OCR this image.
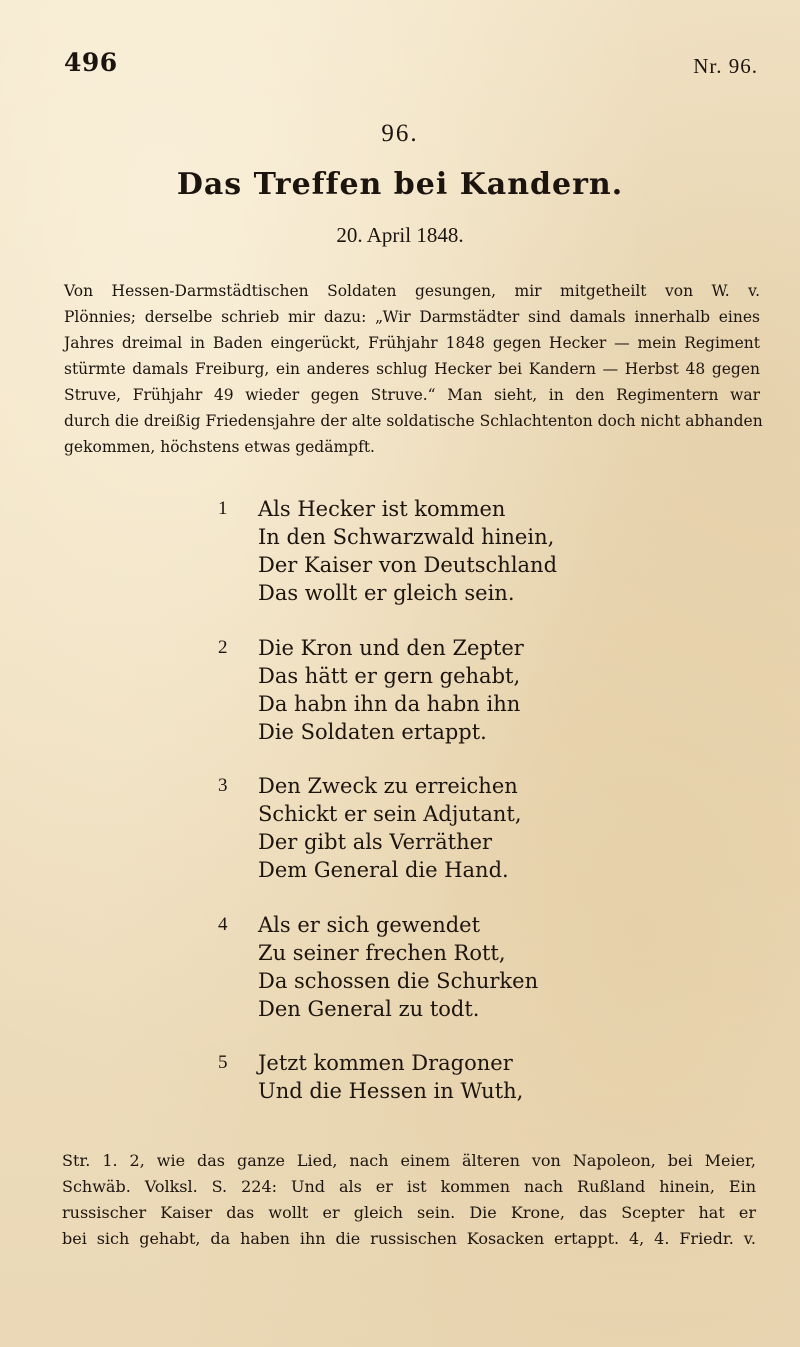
496	Nr. 96.
96.
Das Treffen bei Kandern.
20. April 1848.
Von Hessen-Darmstädtischen Soldaten gesungen, mir mitgetheilt von W. v.
Plönnies; derselbe schrieb mir dazu: „Wir Darmstädter sind damals innerhalb eines
Jahres dreimal in Baden eingerückt, Frühjahr 1848 gegen Hecker — mein Regiment
stürmte damals Freiburg, ein anderes schlug Hecker bei Kandern — Herbst 48 gegen
Struve, Frühjahr 49 wieder gegen Struve.“ Man sieht, in den Regimentern war
durch die dreißig Friedensjahre der alte soldatische Schlachtenton doch nicht abhanden
gekommen, höchstens etwas gedämpft.
1 Als Hecker ist kommen
In den Schwarzwald hinein,
Der Kaiser von Deutschland
Das wollt er gleich sein.
2 Die Kron und den Zepter
Das hätt er gern gehabt,
Da habn ihn da habn ihn
Die Soldaten ertappt.
3 Den Zweck zu erreichen
Schickt er sein Adjutant,
Der gibt als Verräther
Dem General die Hand.
4 Als er sich gewendet
Zu seiner frechen Rott,
Da schossen die Schurken
Den General zu todt.
5 Jetzt kommen Dragoner
Und die Hessen in Wuth,
Str. 1. 2, wie das ganze Lied, nach einem älteren von Napoleon, bei Meier,
Schwäb. Volksl. S. 224: Und als er ist kommen nach Rußland hinein, Ein
russischer Kaiser das wollt er gleich sein. Die Krone, das Scepter hat er
bei sich gehabt, da haben ihn die russischen Kosacken ertappt. 4, 4. Friedr. v.
